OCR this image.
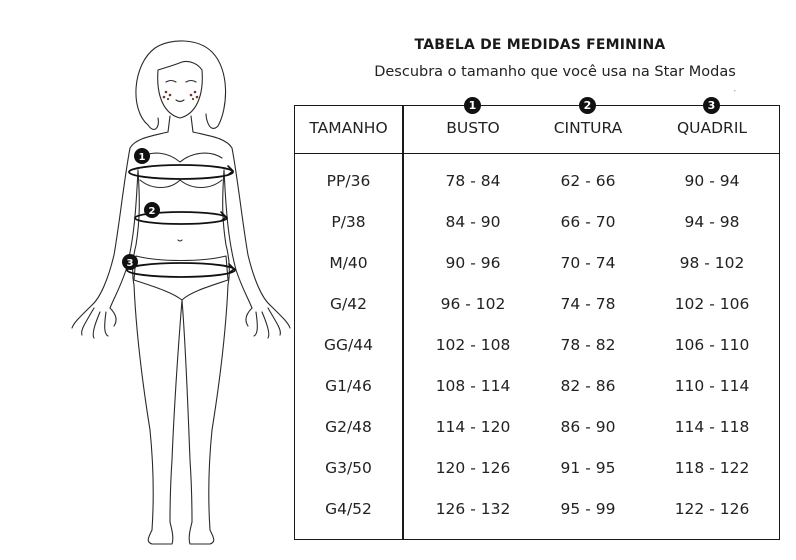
1
2
3
TABELA DE MEDIDAS FEMININA
Descubra o tamanho que você usa na Star Modas
′
TAMANHO	BUSTO	CINTURA	QUADRIL
1	2	3
PP/36	78 - 84	62 - 66	90 - 94
P/38	84 - 90	66 - 70	94 - 98
M/40	90 - 96	70 - 74	98 - 102
G/42	96 - 102	74 - 78	102 - 106
GG/44	102 - 108	78 - 82	106 - 110
G1/46	108 - 114	82 - 86	110 - 114
G2/48	114 - 120	86 - 90	114 - 118
G3/50	120 - 126	91 - 95	118 - 122
G4/52	126 - 132	95 - 99	122 - 126
